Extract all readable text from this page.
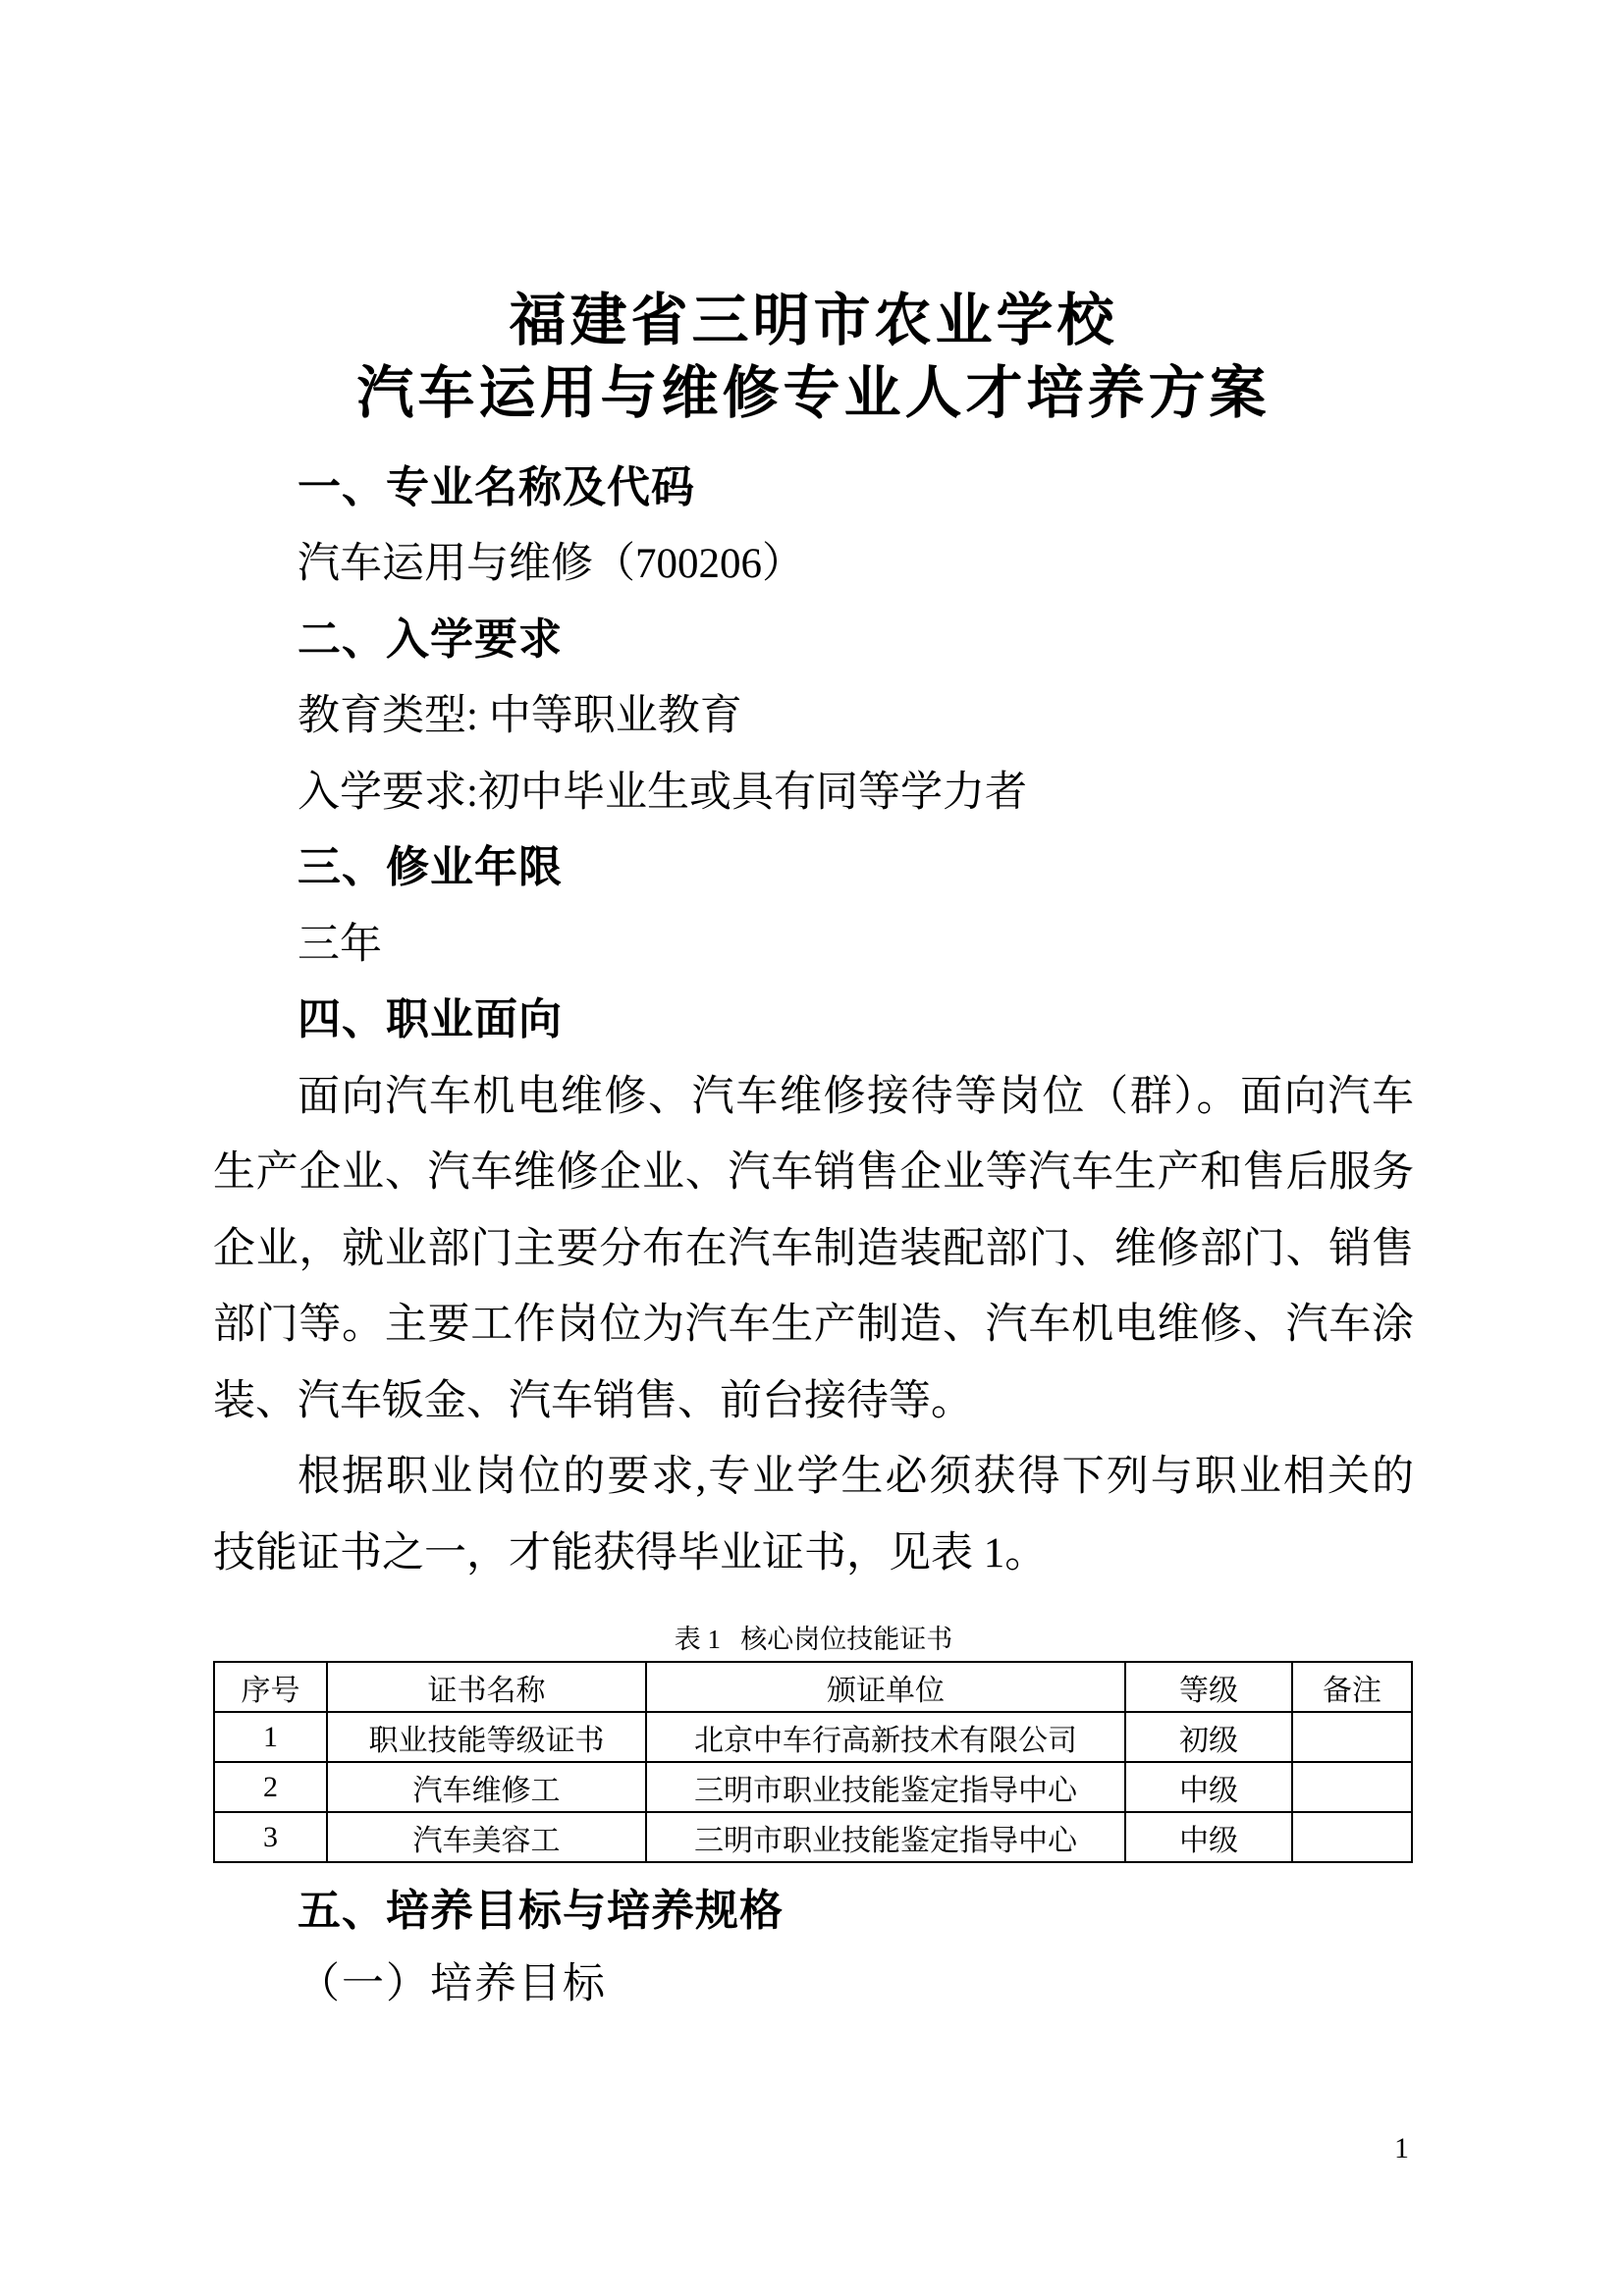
福建省三明市农业学校
汽车运用与维修专业人才培养方案
一、专业名称及代码
汽车运用与维修（700206）
二、入学要求
教育类型: 中等职业教育
入学要求:初中毕业生或具有同等学力者
三、修业年限
三年
四、职业面向
面向汽车机电维修、汽车维修接待等岗位（群）。面向汽车
生产企业、汽车维修企业、汽车销售企业等汽车生产和售后服务
企业，就业部门主要分布在汽车制造装配部门、维修部门、销售
部门等。主要工作岗位为汽车生产制造、汽车机电维修、汽车涂
装、汽车钣金、汽车销售、前台接待等。
根据职业岗位的要求,专业学生必须获得下列与职业相关的
技能证书之一，才能获得毕业证书，见表 1。
表 1   核心岗位技能证书
序号	证书名称	颁证单位	等级	备注
1	职业技能等级证书	北京中车行高新技术有限公司	初级	
2	汽车维修工	三明市职业技能鉴定指导中心	中级	
3	汽车美容工	三明市职业技能鉴定指导中心	中级	
五、培养目标与培养规格
（一）培养目标
1
